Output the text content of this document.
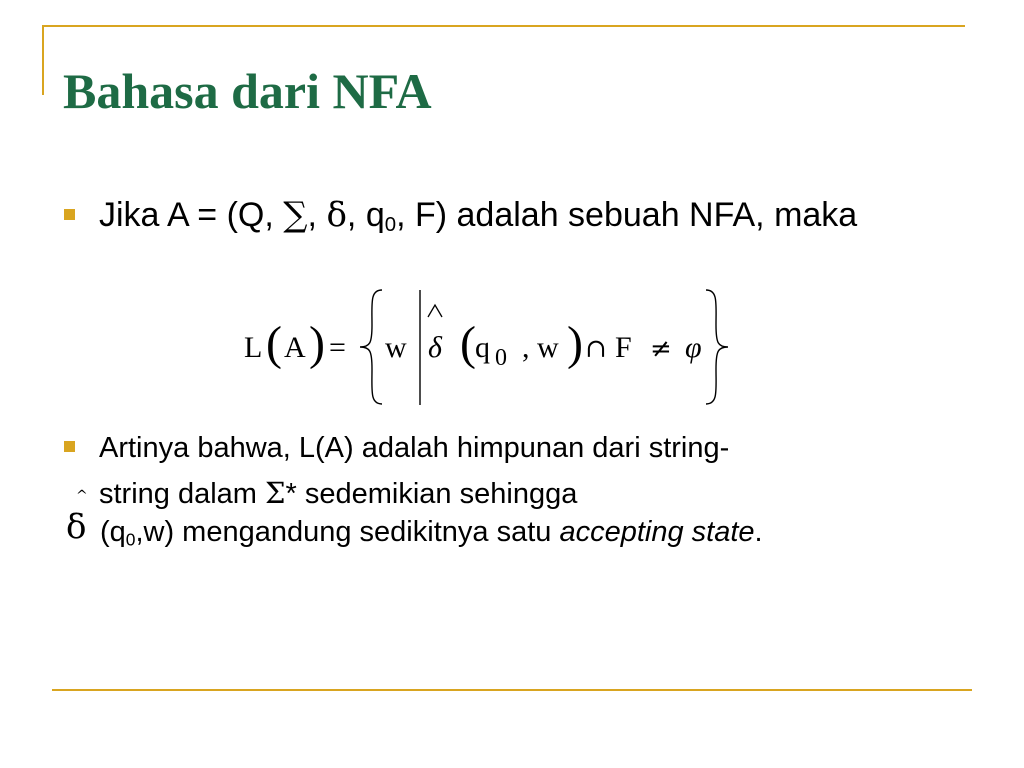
Bahasa dari NFA
Jika A = (Q, ∑, δ, $q_0$, F) adalah sebuah NFA, maka
L ( A ) = w δ ( q 0 , w ) ∩ F ≠ φ
Artinya bahwa, L(A) adalah himpunan dari string-
string dalam Σ* sedemikian sehingga
^
δ $(q_0,w)$ mengandung sedikitnya satu accepting state.
